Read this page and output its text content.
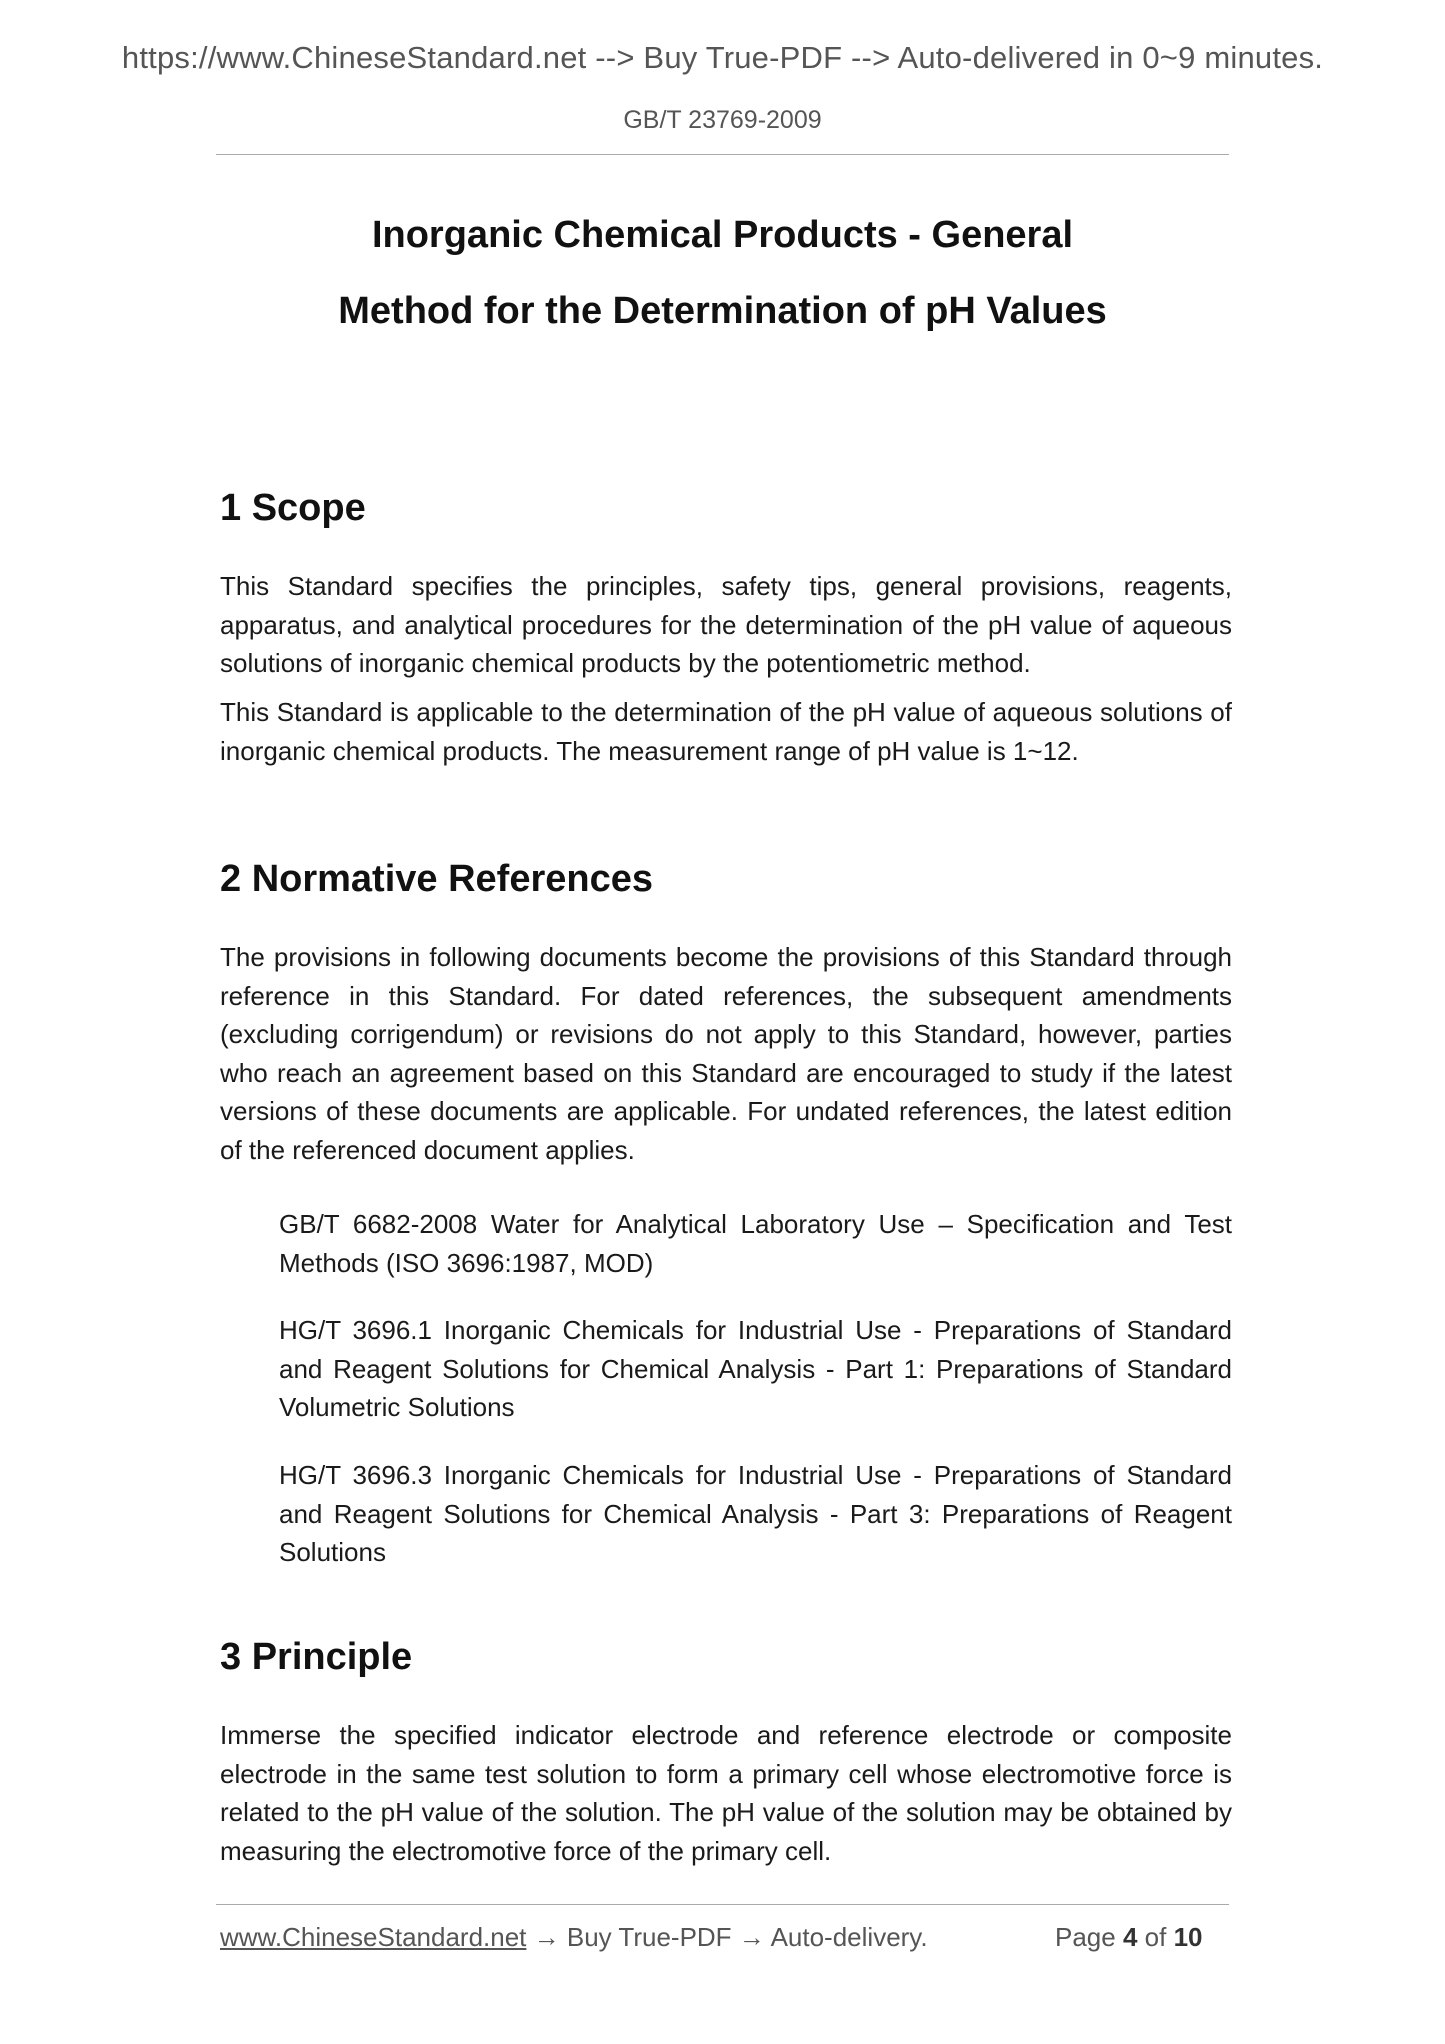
https://www.ChineseStandard.net --> Buy True-PDF --> Auto-delivered in 0~9 minutes.
GB/T 23769-2009
Inorganic Chemical Products - General
Method for the Determination of pH Values
1 Scope

This Standard specifies the principles, safety tips, general provisions, reagents, apparatus, and analytical procedures for the determination of the pH value of aqueous solutions of inorganic chemical products by the potentiometric method.

This Standard is applicable to the determination of the pH value of aqueous solutions of inorganic chemical products. The measurement range of pH value is 1~12.

2 Normative References

The provisions in following documents become the provisions of this Standard through reference in this Standard. For dated references, the subsequent amendments (excluding corrigendum) or revisions do not apply to this Standard, however, parties who reach an agreement based on this Standard are encouraged to study if the latest versions of these documents are applicable. For undated references, the latest edition of the referenced document applies.

GB/T 6682-2008 Water for Analytical Laboratory Use – Specification and Test Methods (ISO 3696:1987, MOD)

HG/T 3696.1 Inorganic Chemicals for Industrial Use - Preparations of Standard and Reagent Solutions for Chemical Analysis - Part 1: Preparations of Standard Volumetric Solutions

HG/T 3696.3 Inorganic Chemicals for Industrial Use - Preparations of Standard and Reagent Solutions for Chemical Analysis - Part 3: Preparations of Reagent Solutions

3 Principle

Immerse the specified indicator electrode and reference electrode or composite electrode in the same test solution to form a primary cell whose electromotive force is related to the pH value of the solution. The pH value of the solution may be obtained by measuring the electromotive force of the primary cell.

www.ChineseStandard.net → Buy True-PDF → Auto-delivery.	Page 4 of 10
